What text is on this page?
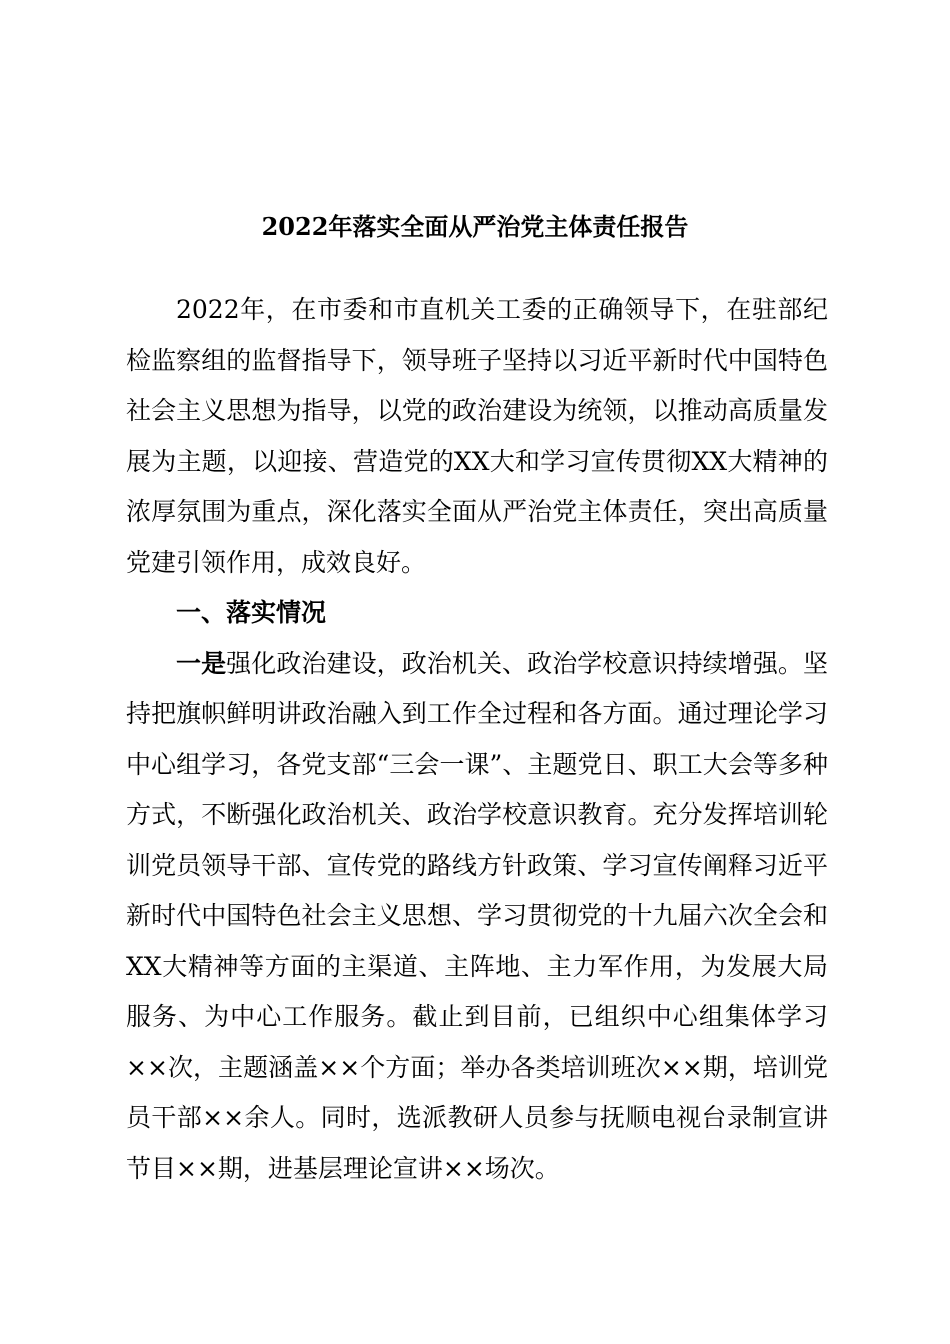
2022年落实全面从严治党主体责任报告

2022年，在市委和市直机关工委的正确领导下，在驻部纪检监察组的监督指导下，领导班子坚持以习近平新时代中国特色社会主义思想为指导，以党的政治建设为统领，以推动高质量发展为主题，以迎接、营造党的XX大和学习宣传贯彻XX大精神的浓厚氛围为重点，深化落实全面从严治党主体责任，突出高质量党建引领作用，成效良好。

一、落实情况

一是强化政治建设，政治机关、政治学校意识持续增强。坚持把旗帜鲜明讲政治融入到工作全过程和各方面。通过理论学习中心组学习，各党支部“三会一课”、主题党日、职工大会等多种方式，不断强化政治机关、政治学校意识教育。充分发挥培训轮训党员领导干部、宣传党的路线方针政策、学习宣传阐释习近平新时代中国特色社会主义思想、学习贯彻党的十九届六次全会和XX大精神等方面的主渠道、主阵地、主力军作用，为发展大局服务、为中心工作服务。截止到目前，已组织中心组集体学习××次，主题涵盖××个方面；举办各类培训班次××期，培训党员干部××余人。同时，选派教研人员参与抚顺电视台录制宣讲节目××期，进基层理论宣讲××场次。
